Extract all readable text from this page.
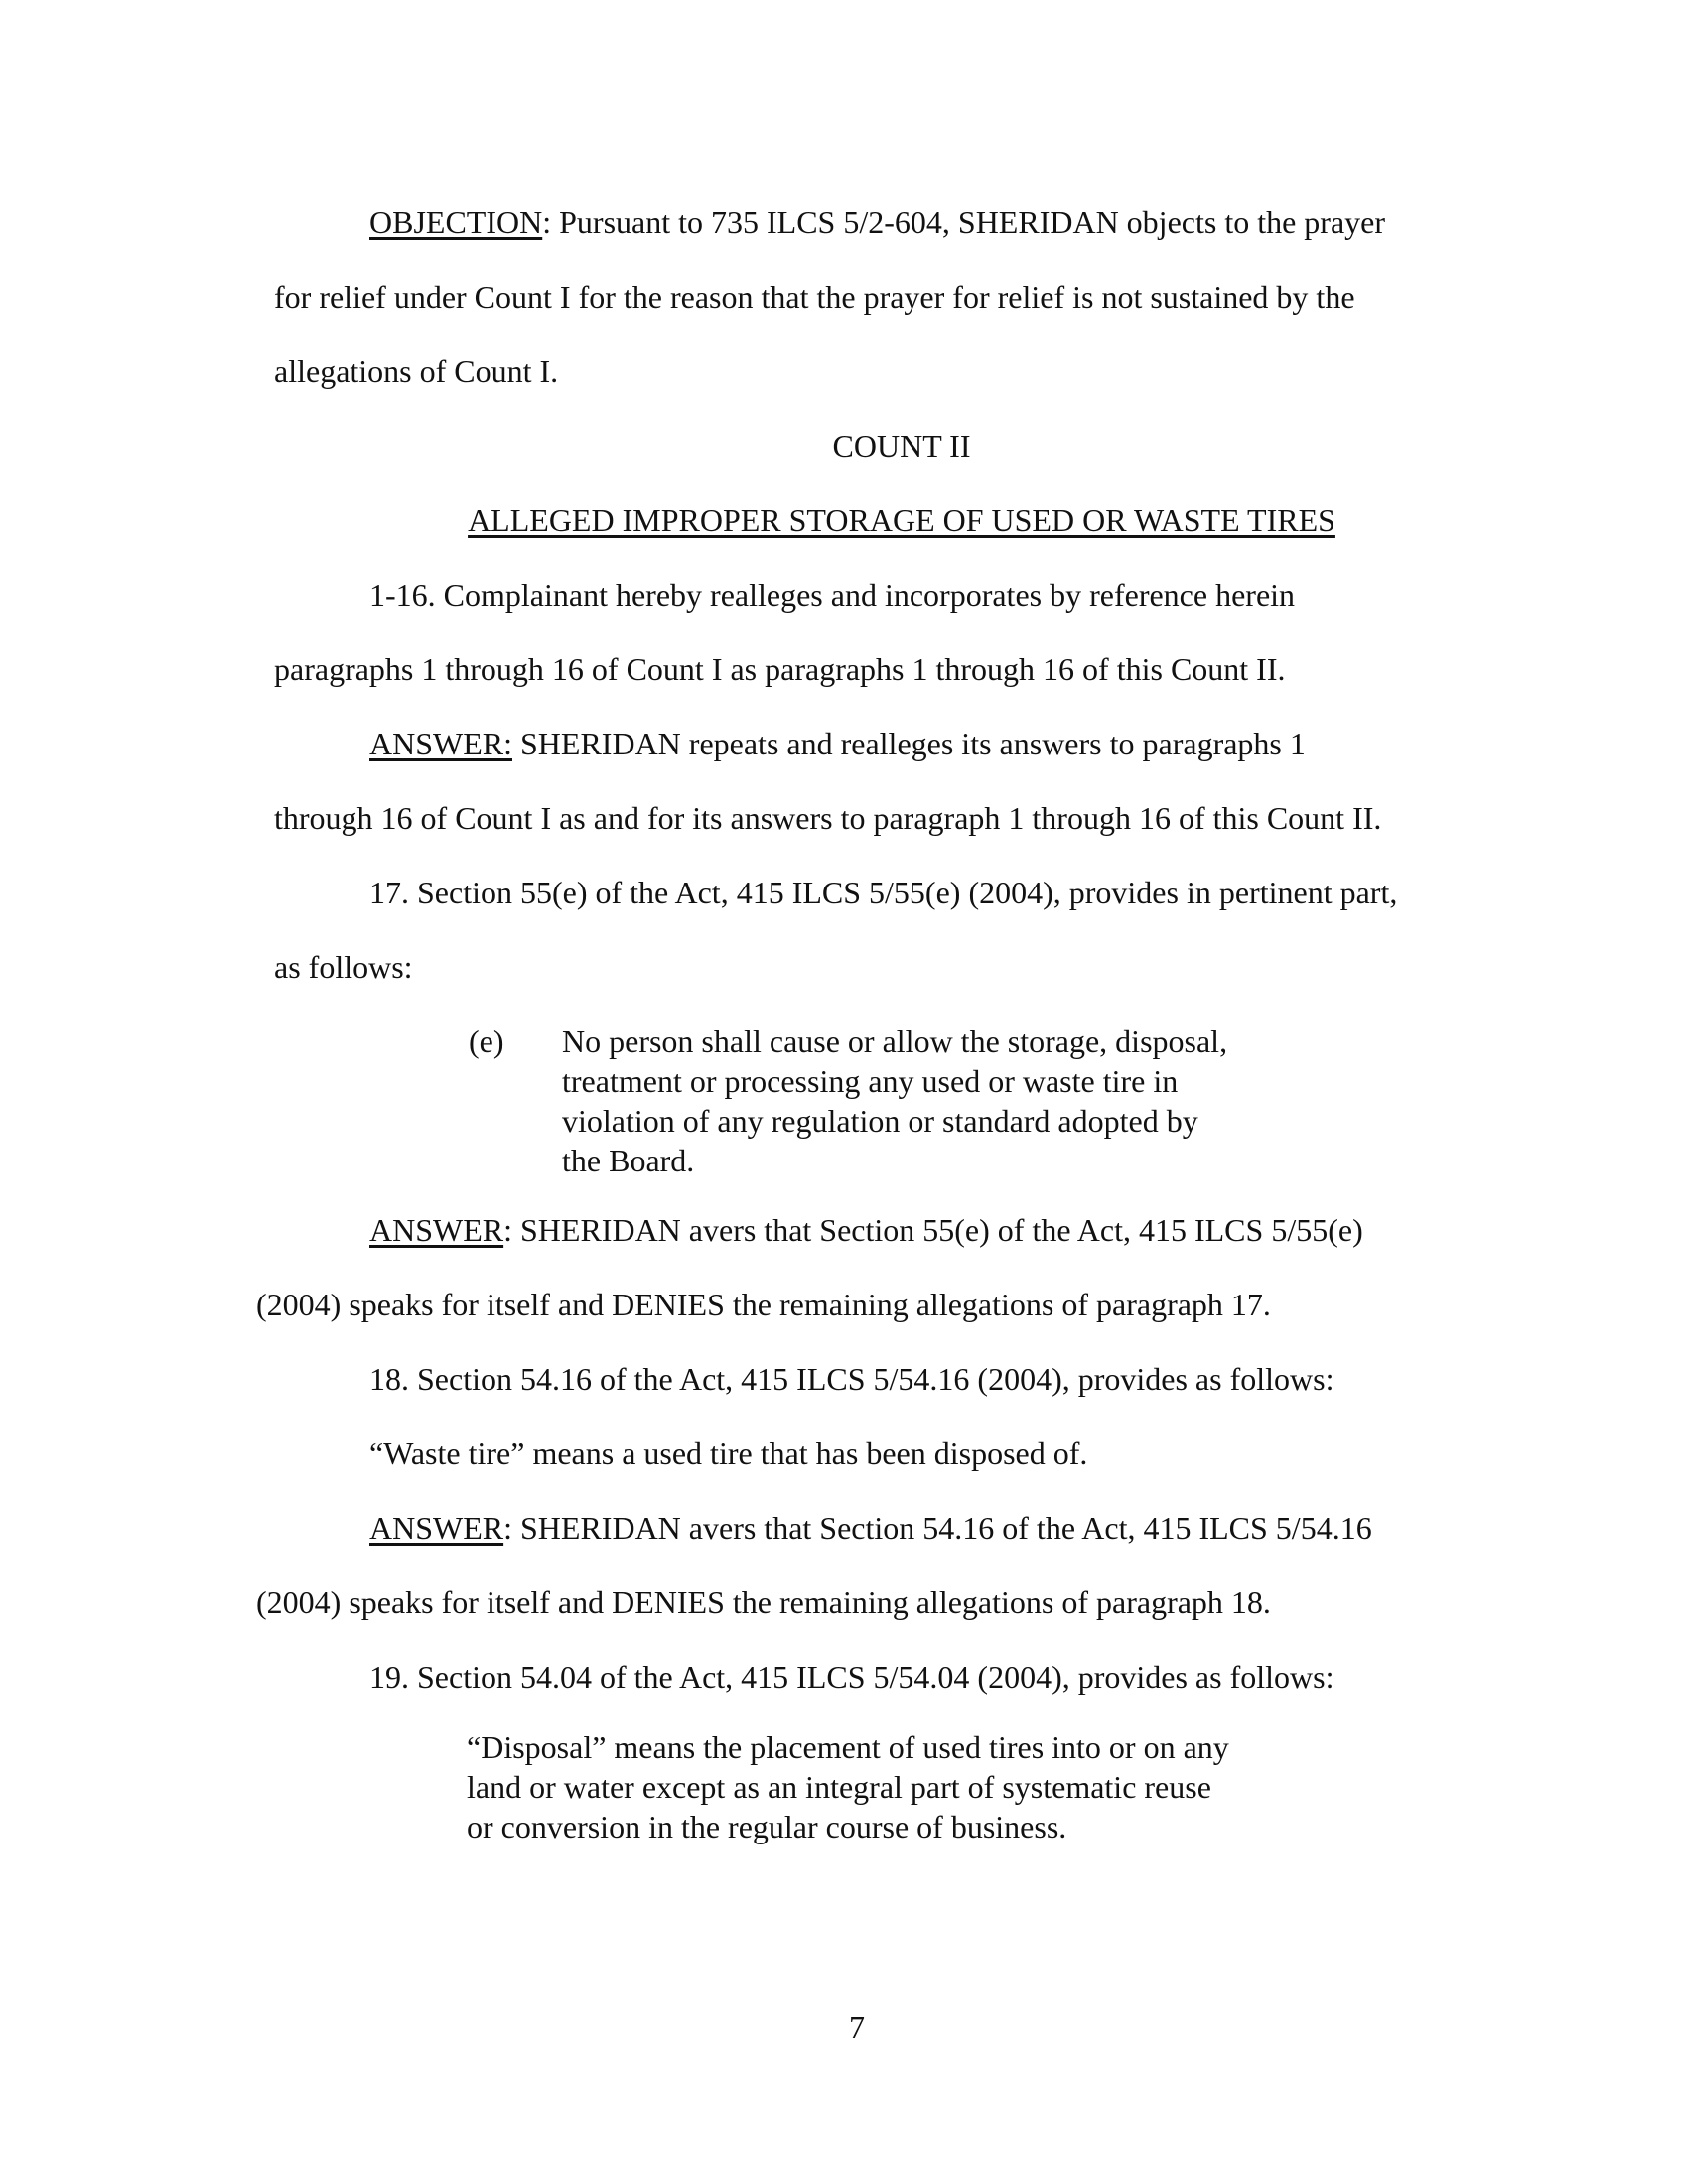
OBJECTION: Pursuant to 735 ILCS 5/2-604, SHERIDAN objects to the prayer

for relief under Count I for the reason that the prayer for relief is not sustained by the

allegations of Count I.

COUNT II

ALLEGED IMPROPER STORAGE OF USED OR WASTE TIRES

1-16. Complainant hereby realleges and incorporates by reference herein

paragraphs 1 through 16 of Count I as paragraphs 1 through 16 of this Count II.

ANSWER: SHERIDAN repeats and realleges its answers to paragraphs 1

through 16 of Count I as and for its answers to paragraph 1 through 16 of this Count II.

17. Section 55(e) of the Act, 415 ILCS 5/55(e) (2004), provides in pertinent part,

as follows:

(e) No person shall cause or allow the storage, disposal,
treatment or processing any used or waste tire in
violation of any regulation or standard adopted by
the Board.

ANSWER: SHERIDAN avers that Section 55(e) of the Act, 415 ILCS 5/55(e)

(2004) speaks for itself and DENIES the remaining allegations of paragraph 17.

18. Section 54.16 of the Act, 415 ILCS 5/54.16 (2004), provides as follows:

“Waste tire” means a used tire that has been disposed of.

ANSWER: SHERIDAN avers that Section 54.16 of the Act, 415 ILCS 5/54.16

(2004) speaks for itself and DENIES the remaining allegations of paragraph 18.

19. Section 54.04 of the Act, 415 ILCS 5/54.04 (2004), provides as follows:

“Disposal” means the placement of used tires into or on any
land or water except as an integral part of systematic reuse
or conversion in the regular course of business.
7
